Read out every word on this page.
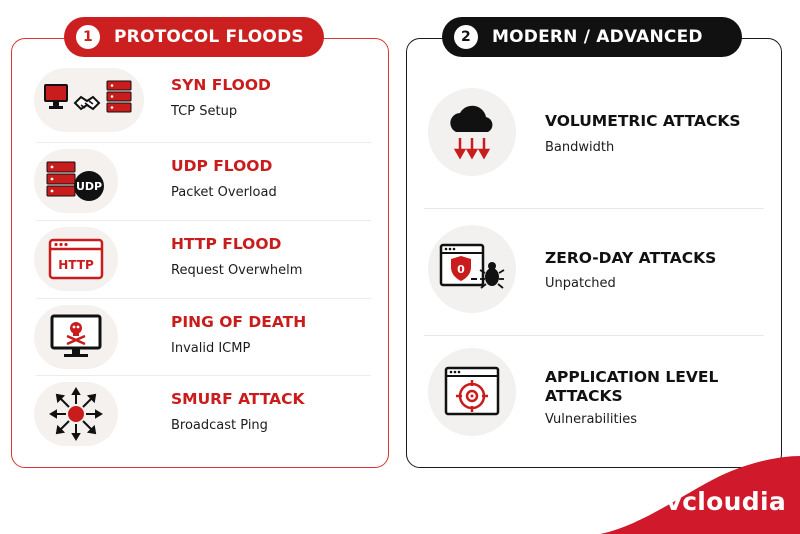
1	PROTOCOL FLOODS
SYN FLOOD
TCP Setup
UDP
UDP FLOOD
Packet Overload
HTTP
HTTP FLOOD
Request Overwhelm
PING OF DEATH
Invalid ICMP
SMURF ATTACK
Broadcast Ping
2	MODERN / ADVANCED
VOLUMETRIC ATTACKS
Bandwidth
0
ZERO-DAY ATTACKS
Unpatched
APPLICATION LEVEL
ATTACKS
Vulnerabilities
vcloudia
